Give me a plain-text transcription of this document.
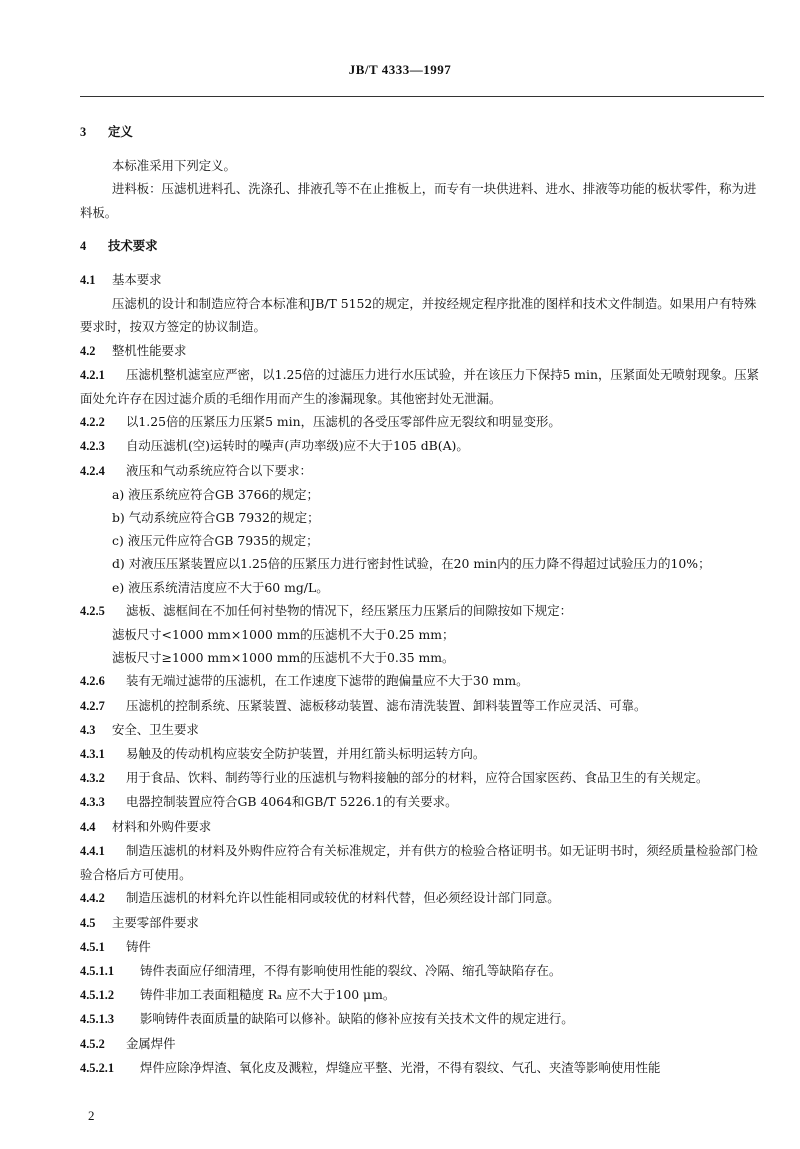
JB/T 4333—1997

3 定义

本标准采用下列定义。

进料板：压滤机进料孔、洗涤孔、排液孔等不在止推板上，而专有一块供进料、进水、排液等功能的板状零件，称为进料板。

4 技术要求

4.1 基本要求

压滤机的设计和制造应符合本标准和JB/T 5152的规定，并按经规定程序批准的图样和技术文件制造。如果用户有特殊要求时，按双方签定的协议制造。

4.2 整机性能要求

4.2.1 压滤机整机滤室应严密，以1.25倍的过滤压力进行水压试验，并在该压力下保持5 min，压紧面处无喷射现象。压紧面处允许存在因过滤介质的毛细作用而产生的渗漏现象。其他密封处无泄漏。

4.2.2 以1.25倍的压紧压力压紧5 min，压滤机的各受压零部件应无裂纹和明显变形。

4.2.3 自动压滤机(空)运转时的噪声(声功率级)应不大于105 dB(A)。

4.2.4 液压和气动系统应符合以下要求：

a) 液压系统应符合GB 3766的规定；

b) 气动系统应符合GB 7932的规定；

c) 液压元件应符合GB 7935的规定；

d) 对液压压紧装置应以1.25倍的压紧压力进行密封性试验，在20 min内的压力降不得超过试验压力的10%；

e) 液压系统清洁度应不大于60 mg/L。

4.2.5 滤板、滤框间在不加任何衬垫物的情况下，经压紧压力压紧后的间隙按如下规定：

滤板尺寸<1000 mm×1000 mm的压滤机不大于0.25 mm；

滤板尺寸≥1000 mm×1000 mm的压滤机不大于0.35 mm。

4.2.6 装有无端过滤带的压滤机，在工作速度下滤带的跑偏量应不大于30 mm。

4.2.7 压滤机的控制系统、压紧装置、滤板移动装置、滤布清洗装置、卸料装置等工作应灵活、可靠。

4.3 安全、卫生要求

4.3.1 易触及的传动机构应装安全防护装置，并用红箭头标明运转方向。

4.3.2 用于食品、饮料、制药等行业的压滤机与物料接触的部分的材料，应符合国家医药、食品卫生的有关规定。

4.3.3 电器控制装置应符合GB 4064和GB/T 5226.1的有关要求。

4.4 材料和外购件要求

4.4.1 制造压滤机的材料及外购件应符合有关标准规定，并有供方的检验合格证明书。如无证明书时，须经质量检验部门检验合格后方可使用。

4.4.2 制造压滤机的材料允许以性能相同或较优的材料代替，但必须经设计部门同意。

4.5 主要零部件要求

4.5.1 铸件

4.5.1.1 铸件表面应仔细清理，不得有影响使用性能的裂纹、冷隔、缩孔等缺陷存在。

4.5.1.2 铸件非加工表面粗糙度 Rₐ 应不大于100 μm。

4.5.1.3 影响铸件表面质量的缺陷可以修补。缺陷的修补应按有关技术文件的规定进行。

4.5.2 金属焊件

4.5.2.1 焊件应除净焊渣、氧化皮及溅粒，焊缝应平整、光滑，不得有裂纹、气孔、夹渣等影响使用性能

2
